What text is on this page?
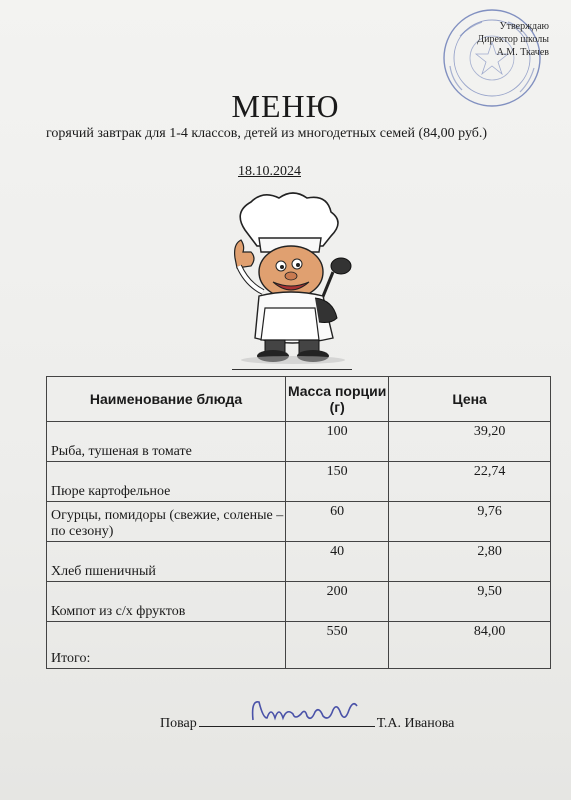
Утверждаю
Директор школы
А.М. Ткачев
МЕНЮ
горячий завтрак для 1-4 классов, детей из многодетных семей (84,00 руб.)
18.10.2024
Наименование блюда	Масса порции (г)	Цена
Рыба, тушеная в томате	100	39,20
Пюре картофельное	150	22,74
Огурцы, помидоры (свежие, соленые – по сезону)	60	9,76
Хлеб пшеничный	40	2,80
Компот из с/х фруктов	200	9,50
Итого:	550	84,00
Повар	Т.А. Иванова
